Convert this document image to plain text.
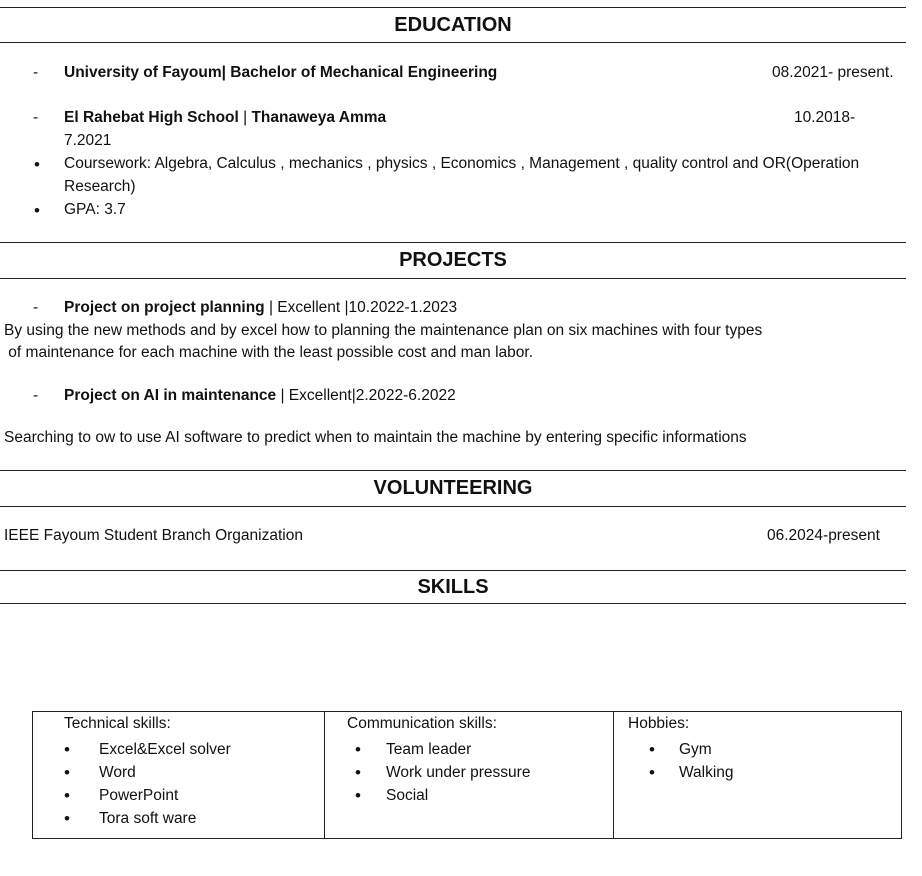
EDUCATION
- University of Fayoum| Bachelor of Mechanical Engineering	08.2021- present.
- El Rahebat High School | Thanaweya Amma	10.2018-
7.2021
• Coursework: Algebra, Calculus , mechanics , physics , Economics , Management , quality control and OR(Operation
Research)
• GPA: 3.7
PROJECTS
- Project on project planning | Excellent |10.2022-1.2023
By using the new methods and by excel how to planning the maintenance plan on six machines with four types
of maintenance for each machine with the least possible cost and man labor.
- Project on AI in maintenance | Excellent|2.2022-6.2022
Searching to ow to use AI software to predict when to maintain the machine by entering specific informations
VOLUNTEERING
IEEE Fayoum Student Branch Organization	06.2024-present
SKILLS
Technical skills:
• Excel&Excel solver
• Word
• PowerPoint
• Tora soft ware
Communication skills:
• Team leader
• Work under pressure
• Social
Hobbies:
• Gym
• Walking
